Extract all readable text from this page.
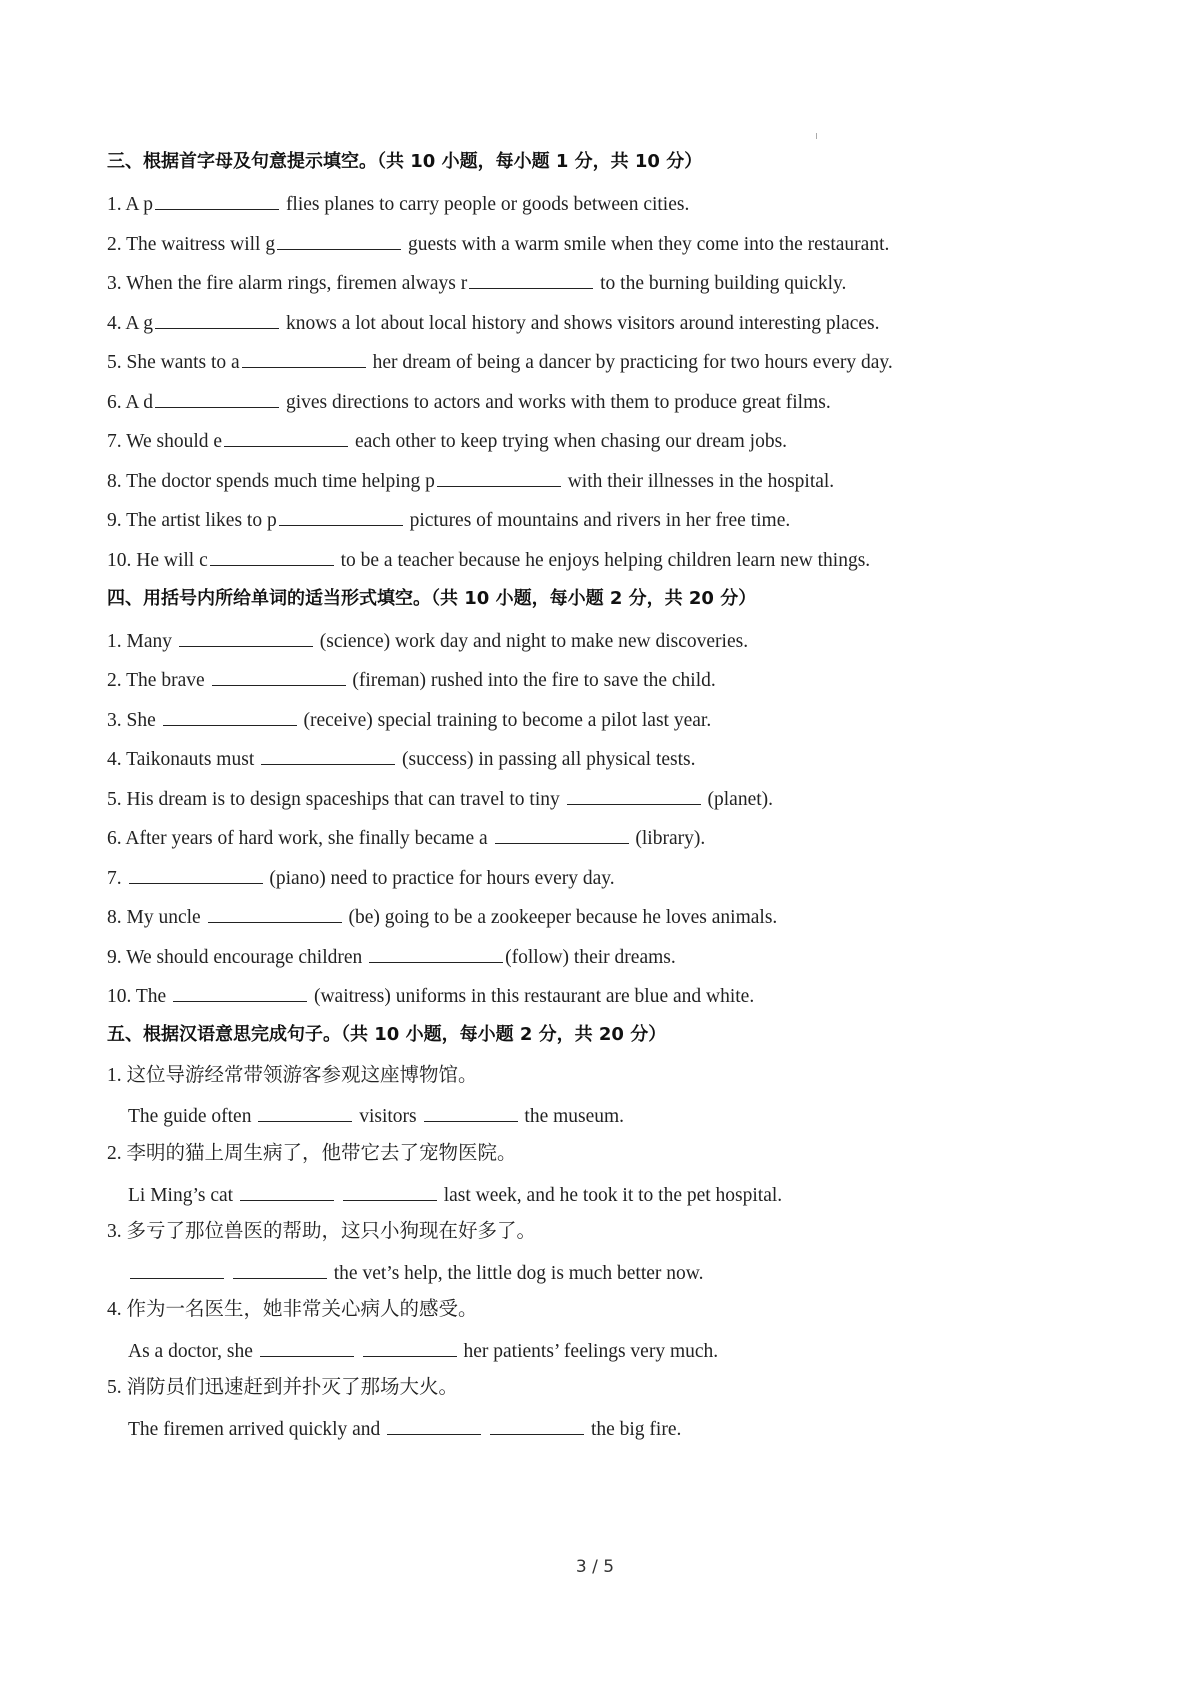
三、根据首字母及句意提示填空。（共 10 小题，每小题 1 分，共 10 分）
1. A p	flies planes to carry people or goods between cities.
2. The waitress will g	guests with a warm smile when they come into the restaurant.
3. When the fire alarm rings, firemen always r	to the burning building quickly.
4. A g	knows a lot about local history and shows visitors around interesting places.
5. She wants to a	her dream of being a dancer by practicing for two hours every day.
6. A d	gives directions to actors and works with them to produce great films.
7. We should e	each other to keep trying when chasing our dream jobs.
8. The doctor spends much time helping p	with their illnesses in the hospital.
9. The artist likes to p	pictures of mountains and rivers in her free time.
10. He will c	to be a teacher because he enjoys helping children learn new things.
四、用括号内所给单词的适当形式填空。（共 10 小题，每小题 2 分，共 20 分）
1. Many	(science) work day and night to make new discoveries.
2. The brave	(fireman) rushed into the fire to save the child.
3. She	(receive) special training to become a pilot last year.
4. Taikonauts must	(success) in passing all physical tests.
5. His dream is to design spaceships that can travel to tiny	(planet).
6. After years of hard work, she finally became a	(library).
7.	(piano) need to practice for hours every day.
8. My uncle	(be) going to be a zookeeper because he loves animals.
9. We should encourage children	(follow) their dreams.
10. The	(waitress) uniforms in this restaurant are blue and white.
五、根据汉语意思完成句子。（共 10 小题，每小题 2 分，共 20 分）
1. 这位导游经常带领游客参观这座博物馆。
The guide often	visitors	the museum.
2. 李明的猫上周生病了，他带它去了宠物医院。
Li Ming’s cat	last week, and he took it to the pet hospital.
3. 多亏了那位兽医的帮助，这只小狗现在好多了。
the vet’s help, the little dog is much better now.
4. 作为一名医生，她非常关心病人的感受。
As a doctor, she	her patients’ feelings very much.
5. 消防员们迅速赶到并扑灭了那场大火。
The firemen arrived quickly and	the big fire.
3 / 5
